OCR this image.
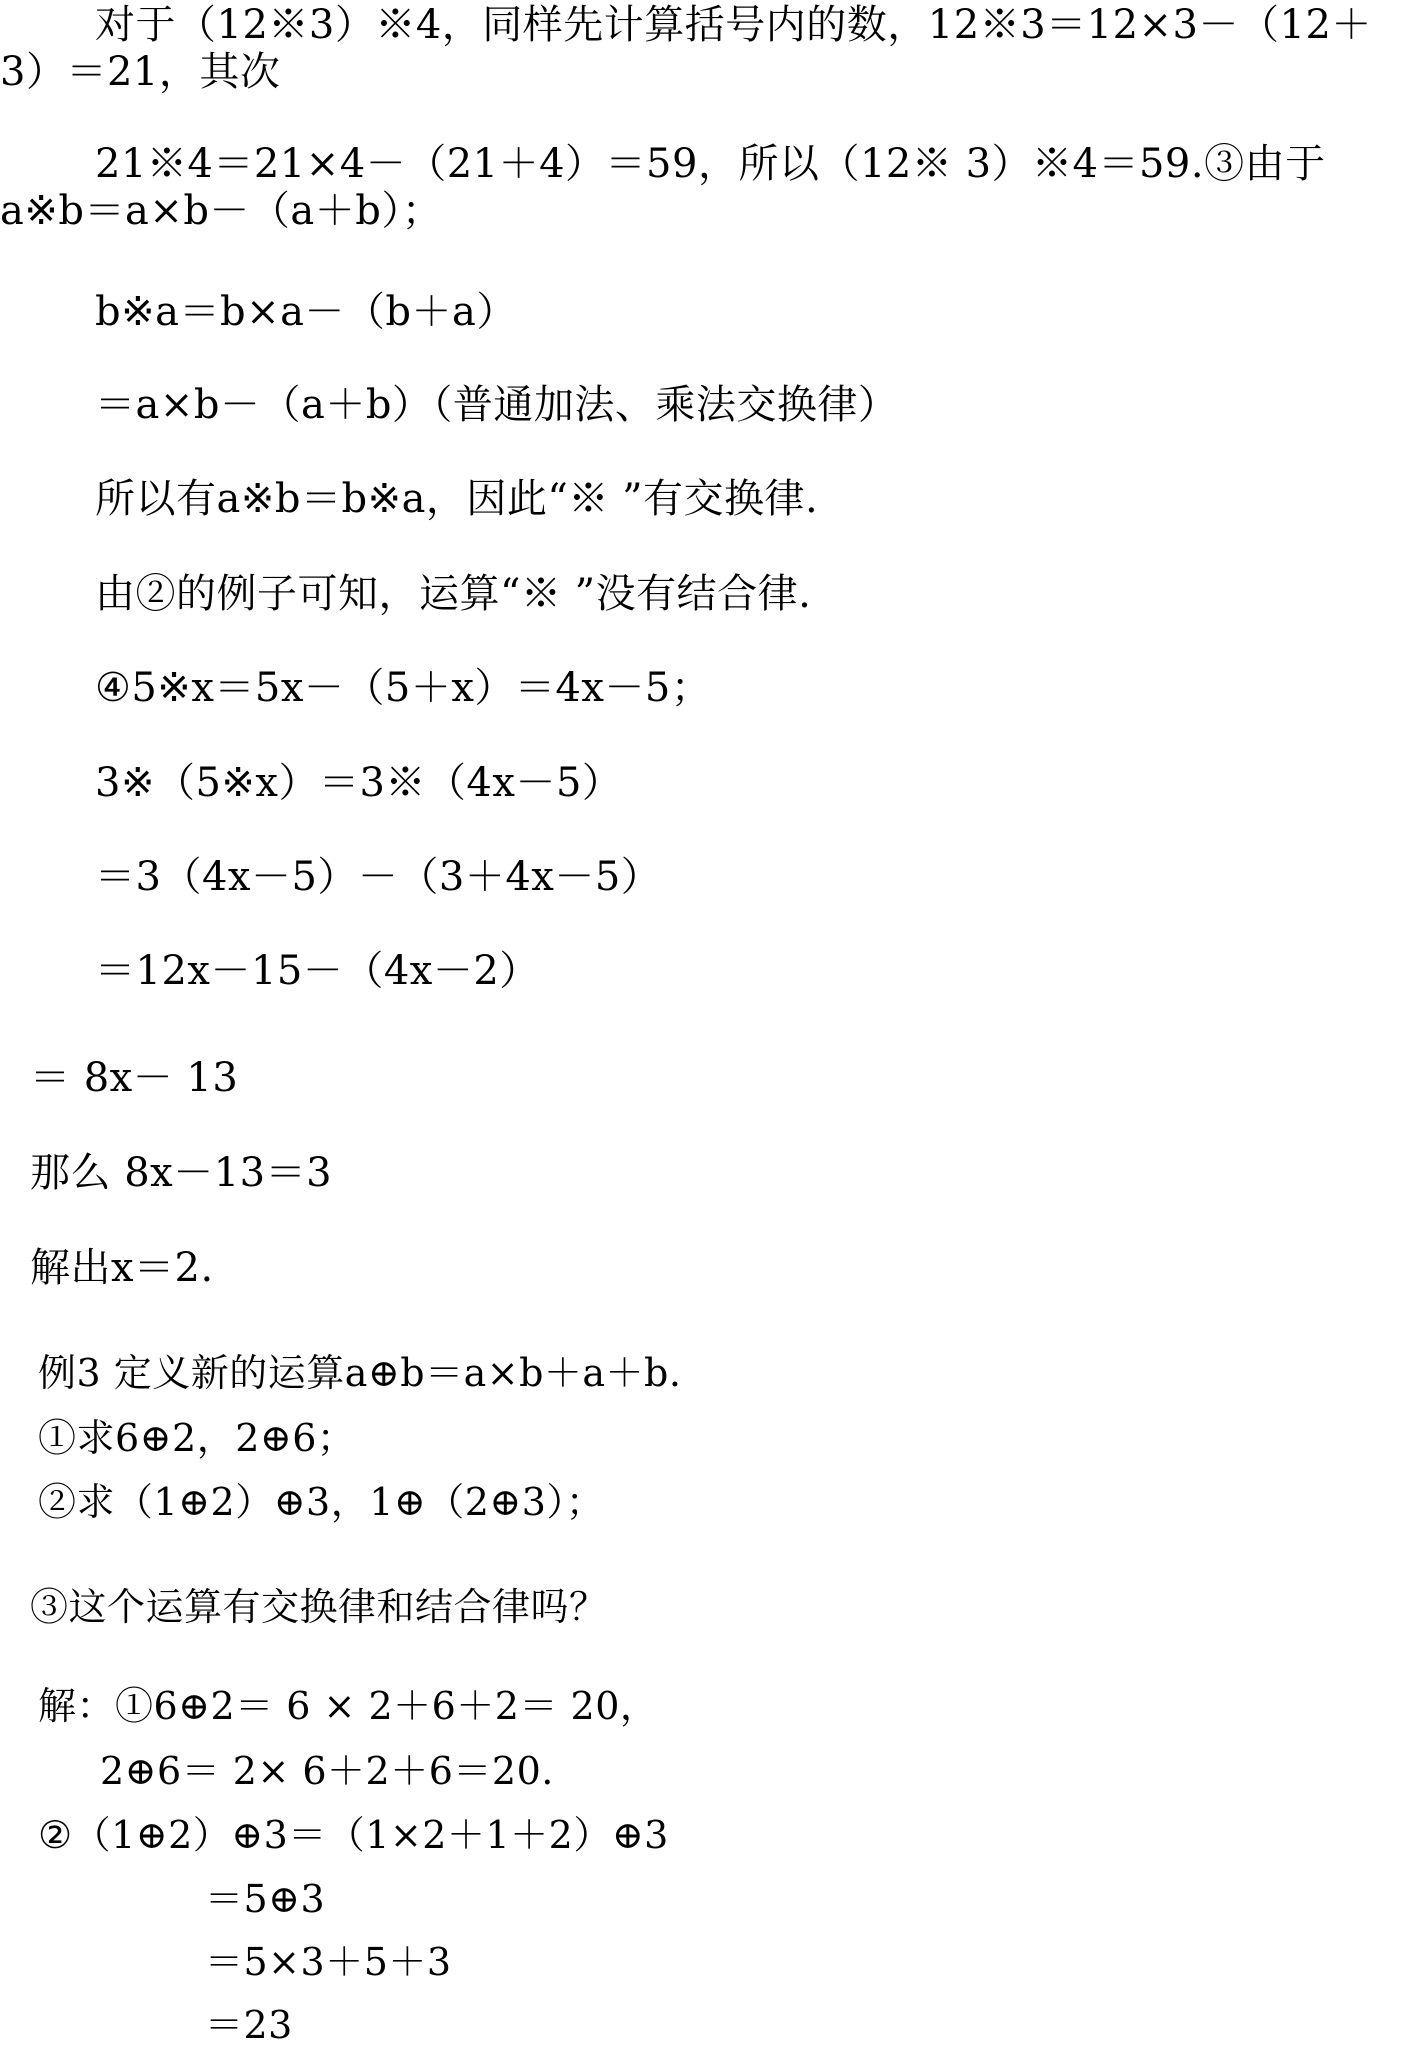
对于（12※3）※4，同样先计算括号内的数，12※3＝12×3－（12＋3）＝21，其次
21※4＝21×4－（21＋4）＝59，所以（12※ 3）※4＝59.③由于a※b＝a×b－（a＋b）；
b※a＝b×a－（b＋a）
＝a×b－（a＋b）（普通加法、乘法交换律）
所以有a※b＝b※a，因此“※ ”有交换律.
由②的例子可知，运算“※ ”没有结合律.
④5※x＝5x－（5＋x）＝4x－5；
3※（5※x）＝3※（4x－5）
＝3（4x－5）－（3＋4x－5）
＝12x－15－（4x－2）
＝ 8x－ 13
那么 8x－13＝3
解出x＝2.
例3 定义新的运算a⊕b＝a×b＋a＋b.
①求6⊕2，2⊕6；
②求（1⊕2）⊕3，1⊕（2⊕3）；
③这个运算有交换律和结合律吗？
解：①6⊕2＝ 6 × 2＋6＋2＝ 20，
2⊕6＝ 2× 6＋2＋6＝20.
②（1⊕2）⊕3＝（1×2＋1＋2）⊕3
＝5⊕3
＝5×3＋5＋3
＝23
